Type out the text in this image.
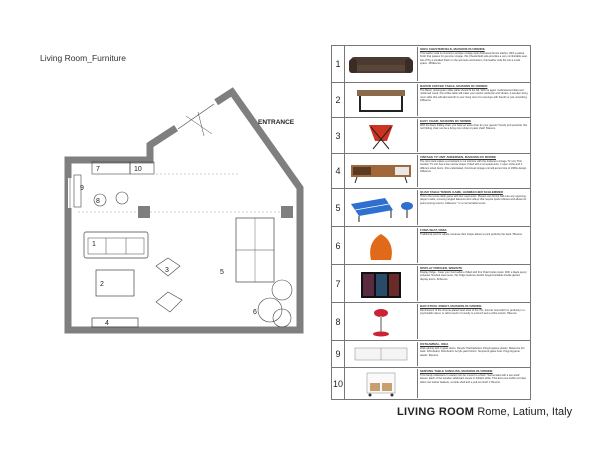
Living Room_Furniture
ENTRANCE
1
2
3
4
5
6
7
8
9
10
1
SOFA CHESTERFIELD, MAISONS DU MONDE
This leather sofa is covered in antique vintage style distressed brown leather. With a patina finish that passes for genuine vintage, this Chesterfield sofa provides a very comfortable seat. Set off by a studded finish on the armrests and bottom, this leather sofa fits into a small space. 1599euros
2
BARON COFFEE TABLE, MAISONS DU MONDE
The Baron rectangular coffee table should fit the bill. With its aged, multicoloured slats and reclaimed wood, this coffee table will make your interior authentic and vibrant. A wooden living room table that will add warmth to your living room for evenings with friends or just unwinding. 189euros
3
EASY CHAIR, MAISONS DU MONDE
With the Easy folding chair, you have an extra chair for your guests! Trendy and practical, this red folding chair can be a living room chair or patio chair! 69euros
4
VINTAGE TV UNIT ANDERSEN, MAISONS DU MONDE
The retro look makes a comeback in our interiors with the Andersen vintage TV unit. This wooden TV unit has a low narrow shape. Fitted with 2 compartments, 1 open niche and 2 different sized doors, this understated, functional vintage unit will accent lots of 1950s design. 349euros
5
QUAD TABLE TENNIS GAME, HAMMACHER SCHLEMMER
This is the tennis table game with four opponents. Players can hit the ball onto any opposing player's table, ensuring angled fakeouts and volleys that require quick reflexes and allows for point-scoring returns. 199euros * or a normal table tennis
6
FUMA SEAT, FIMIA
Traditional pouf for adults, because their shape allows to pick perfectly the back. 55euros
7
DISPLAY FRIDGER, WEBSITE
Display fridge - Keep your food sellers chilled with this Polar bottle cooler. With a black epoxy polyester finished steel outer, this fridge features double hinged lockable double glazed display doors. 415euros
8
BAR STOOL SWEET, MAISONS DU MONDE
Reminiscent of the chrome-plated steel stool of the 70s, this bar stool will fit in perfectly in a psychedelic decor, or add a touch of novelty to a bench and a white interior. 59euros
9
OSTHAMMAL, IKEA
Wall cabinet with 2 glass doors. Panels: Particleboard, Polypropylene plastic, Melamine foil back. Fibreboard, Fibreboard. Acrylic paint Doors: Tempered glass Feet: Polypropylene plastic. 96euros
10
SERVING TABLE SUNGUSS, MAISONS DU MONDE
This handy sideboard on casters can be moved to a flush. Surrounded with a two-shelf leaves. Each of the wooden sideboard comes in brilliant white. This all-in-one buffet unit also offers two wicker baskets, a bottle shelf and a pull-out shelf. 175euros
LIVING ROOM Rome, Latium, Italy
